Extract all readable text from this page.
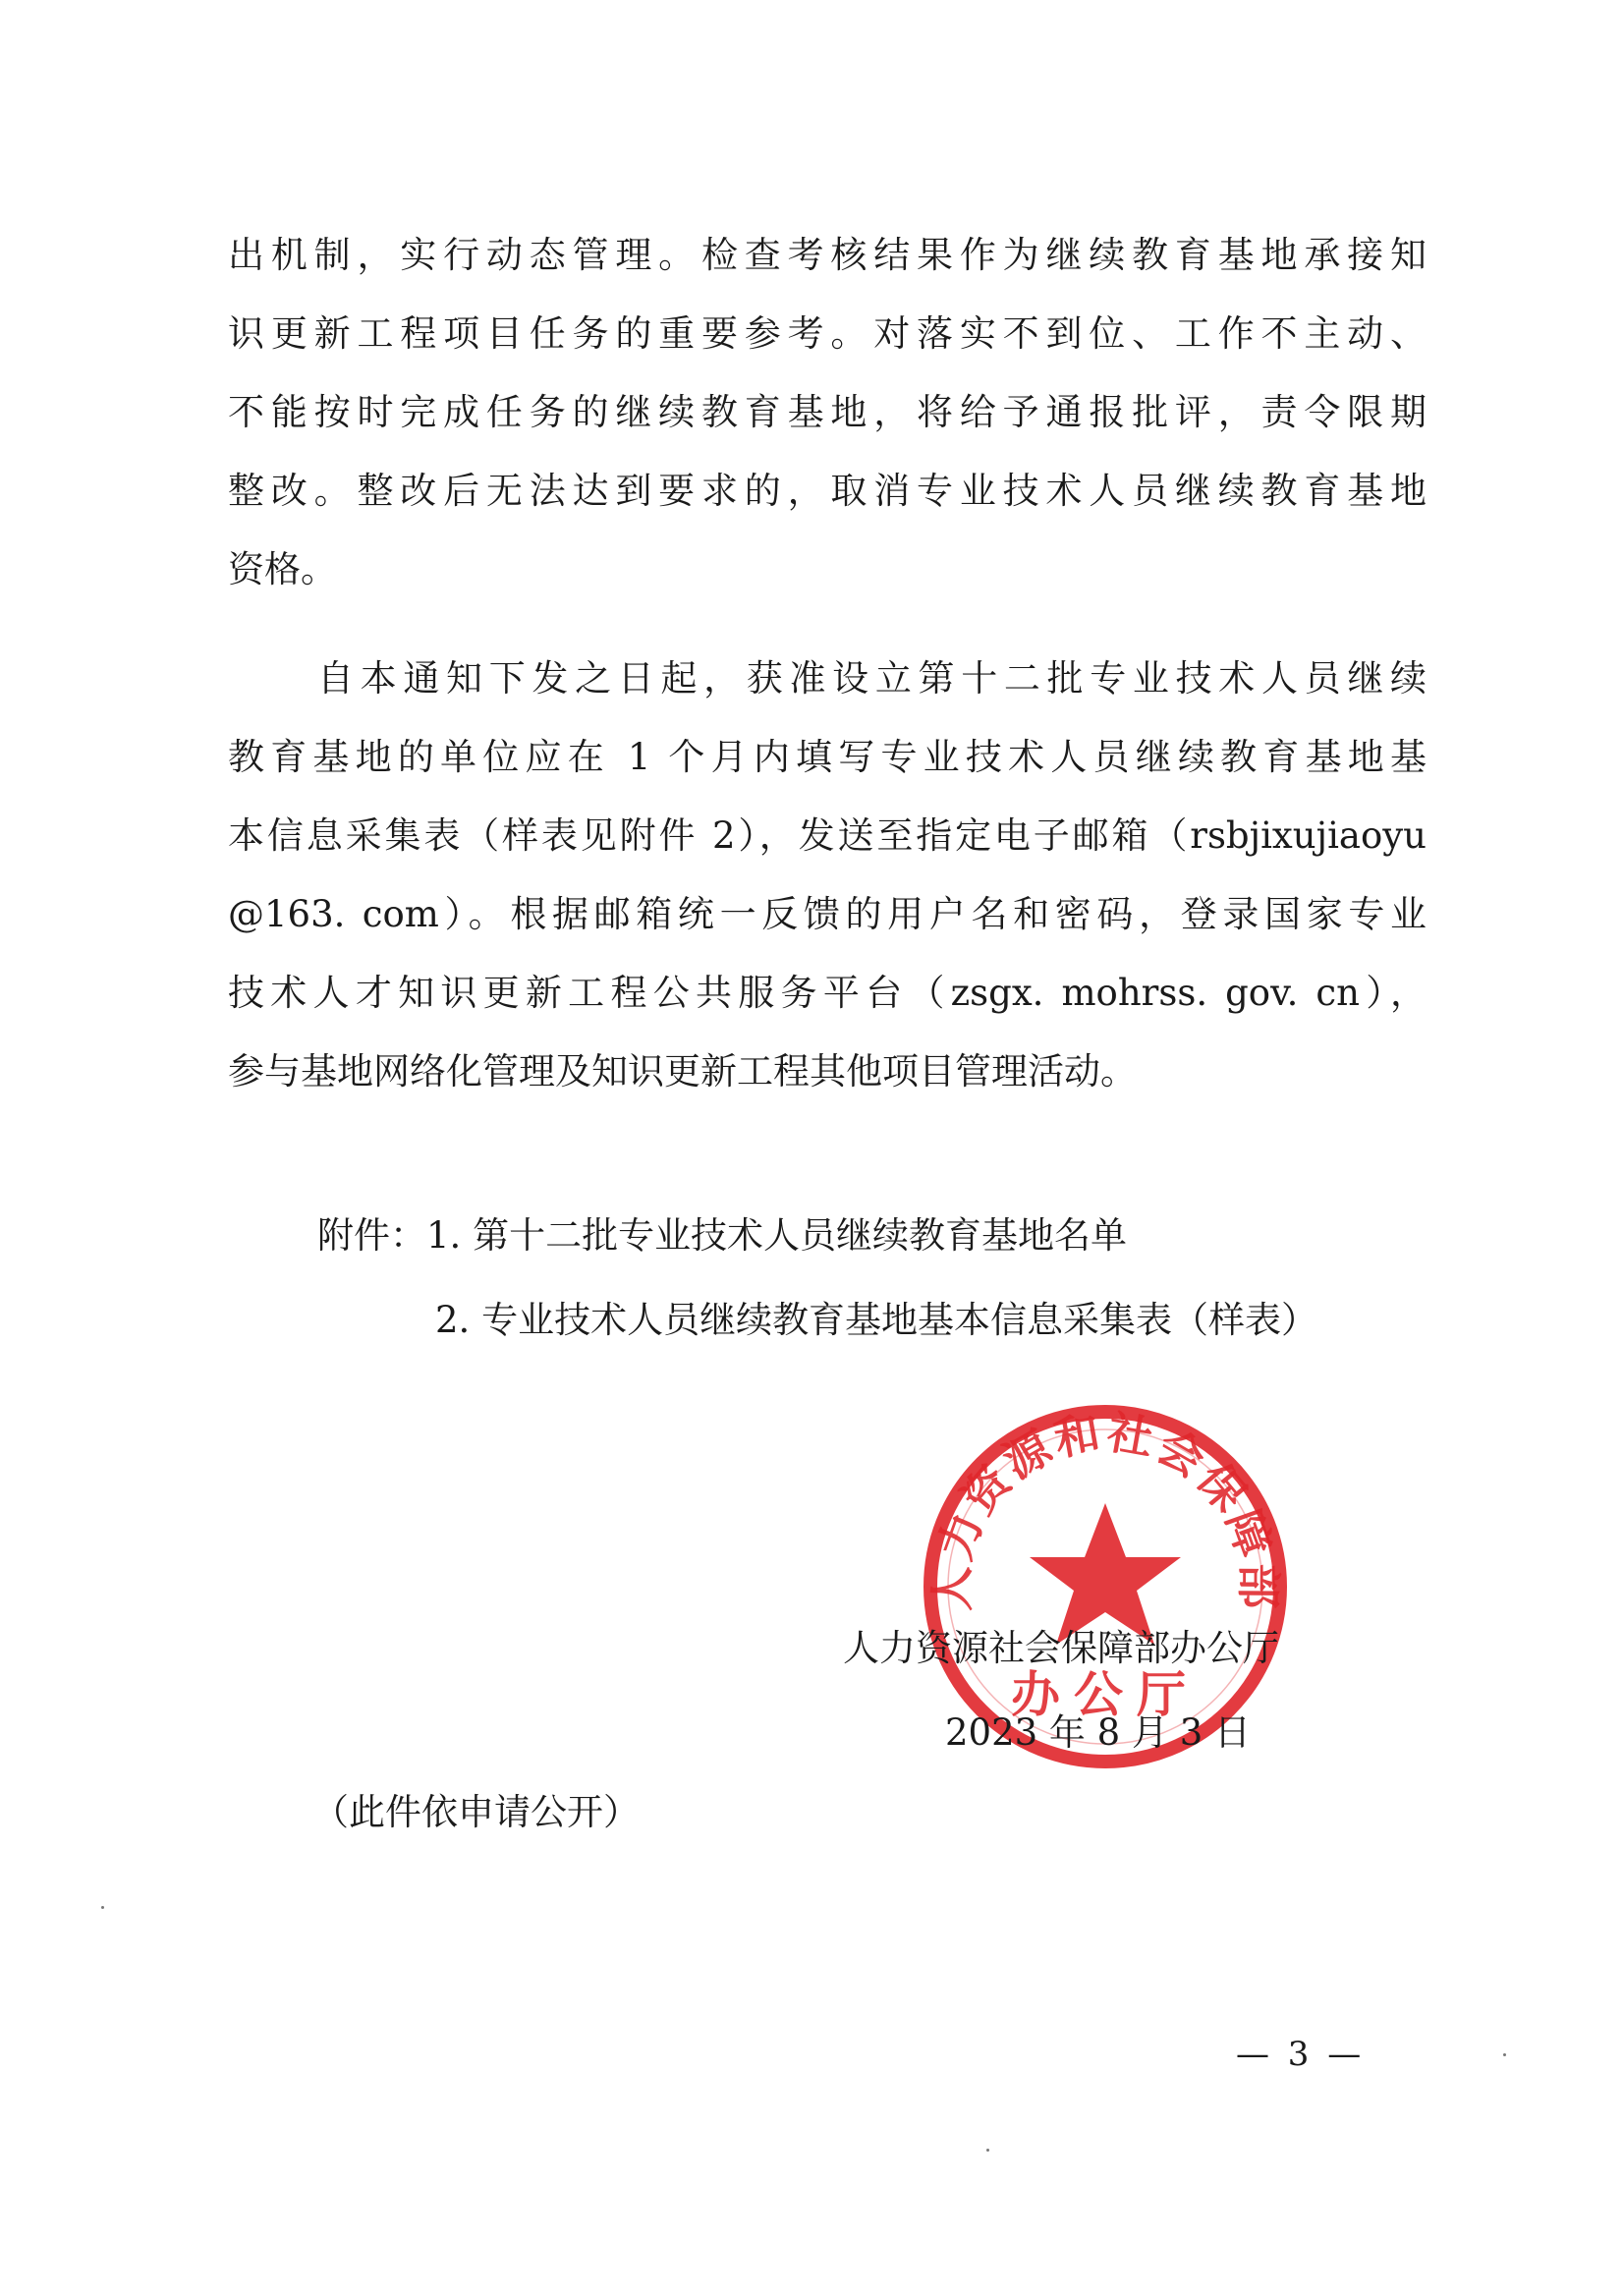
出机制，实行动态管理。检查考核结果作为继续教育基地承接知
识更新工程项目任务的重要参考。对落实不到位、工作不主动、
不能按时完成任务的继续教育基地，将给予通报批评，责令限期
整改。整改后无法达到要求的，取消专业技术人员继续教育基地
资格。
自本通知下发之日起，获准设立第十二批专业技术人员继续
教育基地的单位应在 1 个月内填写专业技术人员继续教育基地基
本信息采集表（样表见附件 2），发送至指定电子邮箱（rsbjixujiaoyu
@163. com）。根据邮箱统一反馈的用户名和密码，登录国家专业
技术人才知识更新工程公共服务平台（zsgx. mohrss. gov. cn），
参与基地网络化管理及知识更新工程其他项目管理活动。
附件：1. 第十二批专业技术人员继续教育基地名单
2. 专业技术人员继续教育基地基本信息采集表（样表）
人力资源和社会保障部
办公厅
人力资源社会保障部办公厅
2023 年 8 月 3 日
（此件依申请公开）
— 3 —
